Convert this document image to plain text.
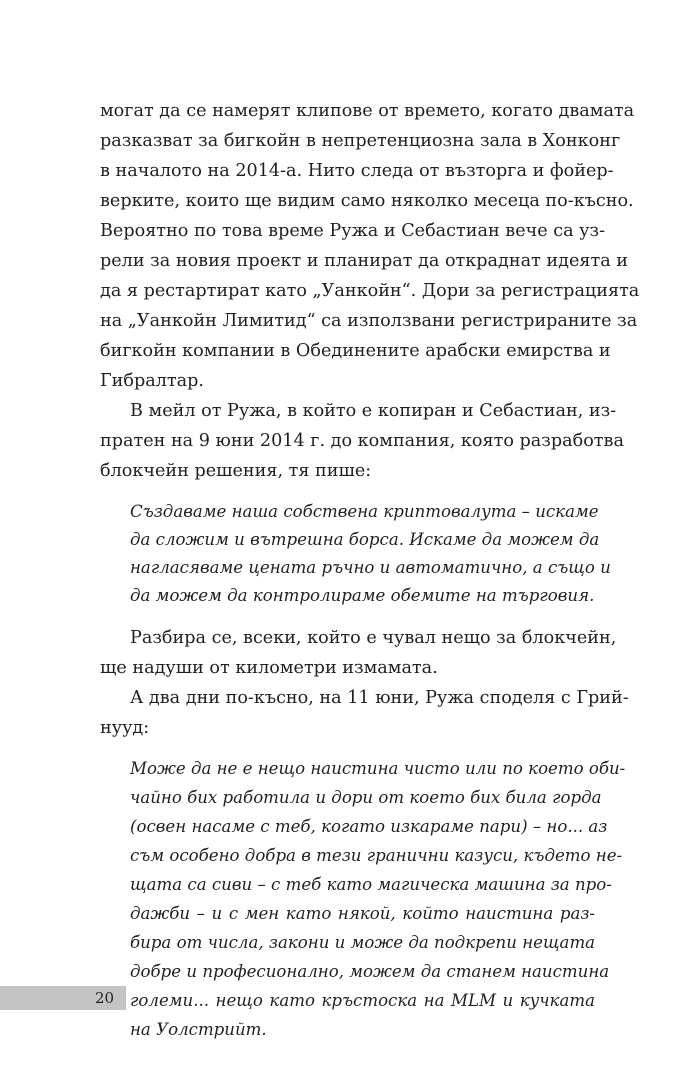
могат да се намерят клипове от времето, когато двамата
разказват за бигкойн в непретенциозна зала в Хонконг
в началото на 2014-а. Нито следа от възторга и фойер-
верките, които ще видим само няколко месеца по-късно.
Вероятно по това време Ружа и Себастиан вече са уз-
рели за новия проект и планират да откраднат идеята и
да я рестартират като „Уанкойн“. Дори за регистрацията
на „Уанкойн Лимитид“ са използвани регистрираните за
бигкойн компании в Обединените арабски емирства и
Гибралтар.
В мейл от Ружа, в който е копиран и Себастиан, из-
пратен на 9 юни 2014 г. до компания, която разработва
блокчейн решения, тя пише:
Създаваме наша собствена криптовалута – искаме
да сложим и вътрешна борса. Искаме да можем да
нагласяваме цената ръчно и автоматично, а също и
да можем да контролираме обемите на търговия.
Разбира се, всеки, който е чувал нещо за блокчейн,
ще надуши от километри измамата.
А два дни по-късно, на 11 юни, Ружа споделя с Грий-
нууд:
Може да не е нещо наистина чисто или по което оби-
чайно бих работила и дори от което бих била горда
(освен насаме с теб, когато изкараме пари) – но... аз
съм особено добра в тези гранични казуси, където не-
щата са сиви – с теб като магическа машина за про-
дажби – и с мен като някой, който наистина раз-
бира от числа, закони и може да подкрепи нещата
добре и професионално, можем да станем наистина
големи... нещо като кръстоска на MLM и кучката
на Уолстрийт.
20
